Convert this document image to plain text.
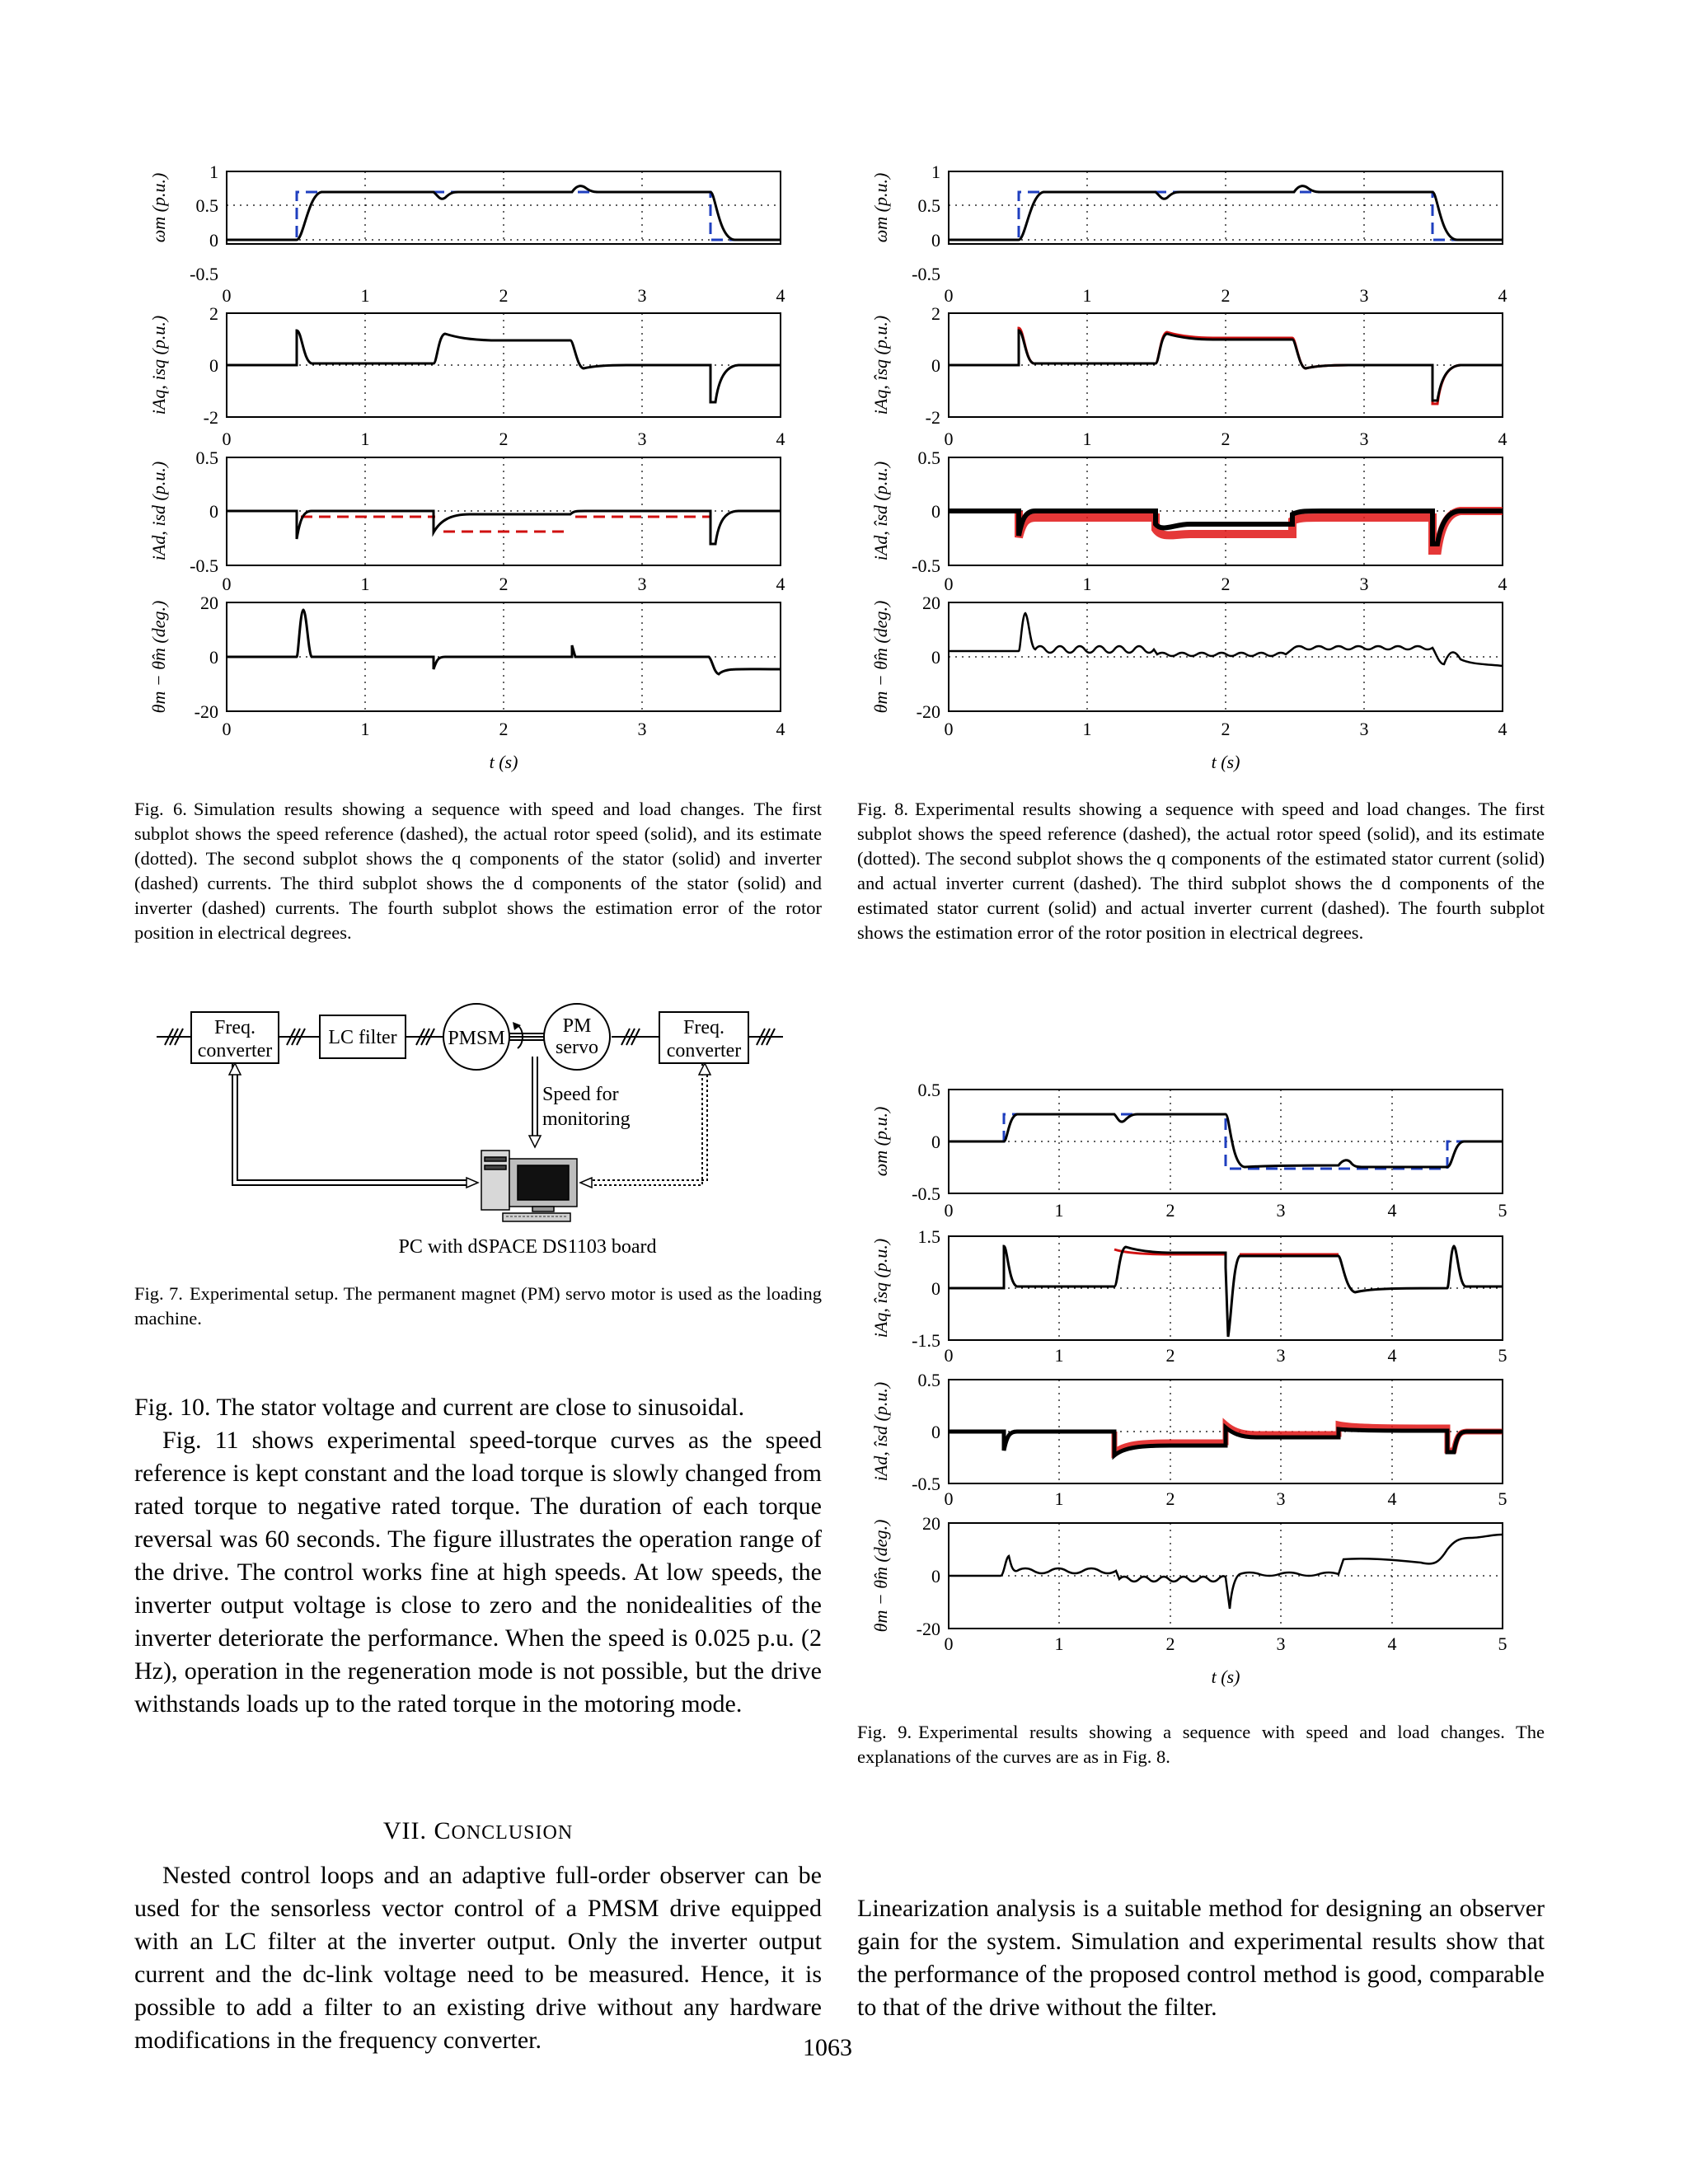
1
0.5
0
-0.5
2
0
-2
0.5
0
-0.5
20
0
-20
0	1	2	3	4
0	1	2	3	4
0	1	2	3	4
0	1	2	3	4
t (s)
ωm (p.u.)
iAq, isq (p.u.)
iAd, isd (p.u.)
θm − θ̂m (deg.)
1
0.5
0
-0.5
2
0
-2
0.5
0
-0.5
20
0
-20
0	1	2	3	4
0	1	2	3	4
0	1	2	3	4
0	1	2	3	4
t (s)
ωm (p.u.)
iAq, îsq (p.u.)
iAd, îsd (p.u.)
θm − θ̂m (deg.)
Fig. 6. Simulation results showing a sequence with speed and load changes. The first subplot shows the speed reference (dashed), the actual rotor speed (solid), and its estimate (dotted). The second subplot shows the q components of the stator (solid) and inverter (dashed) currents. The third subplot shows the d components of the stator (solid) and inverter (dashed) currents. The fourth subplot shows the estimation error of the rotor position in electrical degrees.
Fig. 8. Experimental results showing a sequence with speed and load changes. The first subplot shows the speed reference (dashed), the actual rotor speed (solid), and its estimate (dotted). The second subplot shows the q components of the estimated stator current (solid) and actual inverter current (dashed). The third subplot shows the d components of the estimated stator current (solid) and actual inverter current (dashed). The fourth subplot shows the estimation error of the rotor position in electrical degrees.
Freq.
converter
LC filter	PMSM
PM
servo
Freq.
converter
Speed for
monitoring
PC with dSPACE DS1103 board
Fig. 7. Experimental setup. The permanent magnet (PM) servo motor is used as the loading machine.
0.5
0
-0.5
1.5
0
-1.5
0.5
0
-0.5
20
0
-20
0	1	2	3	4	5
0	1	2	3	4	5
0	1	2	3	4	5
0	1	2	3	4	5
t (s)
ωm (p.u.)
iAq, îsq (p.u.)
iAd, îsd (p.u.)
θm − θ̂m (deg.)
Fig. 9. Experimental results showing a sequence with speed and load changes. The explanations of the curves are as in Fig. 8.

Fig. 10. The stator voltage and current are close to sinusoidal.

Fig. 11 shows experimental speed-torque curves as the speed reference is kept constant and the load torque is slowly changed from rated torque to negative rated torque. The duration of each torque reversal was 60 seconds. The figure illustrates the operation range of the drive. The control works fine at high speeds. At low speeds, the inverter output voltage is close to zero and the nonidealities of the inverter deteriorate the performance. When the speed is 0.025 p.u. (2 Hz), operation in the regeneration mode is not possible, but the drive withstands loads up to the rated torque in the motoring mode.

VII. CONCLUSION

Nested control loops and an adaptive full-order observer can be used for the sensorless vector control of a PMSM drive equipped with an LC filter at the inverter output. Only the inverter output current and the dc-link voltage need to be measured. Hence, it is possible to add a filter to an existing drive without any hardware modifications in the frequency converter.

Linearization analysis is a suitable method for designing an observer gain for the system. Simulation and experimental results show that the performance of the proposed control method is good, comparable to that of the drive without the filter.

1063
